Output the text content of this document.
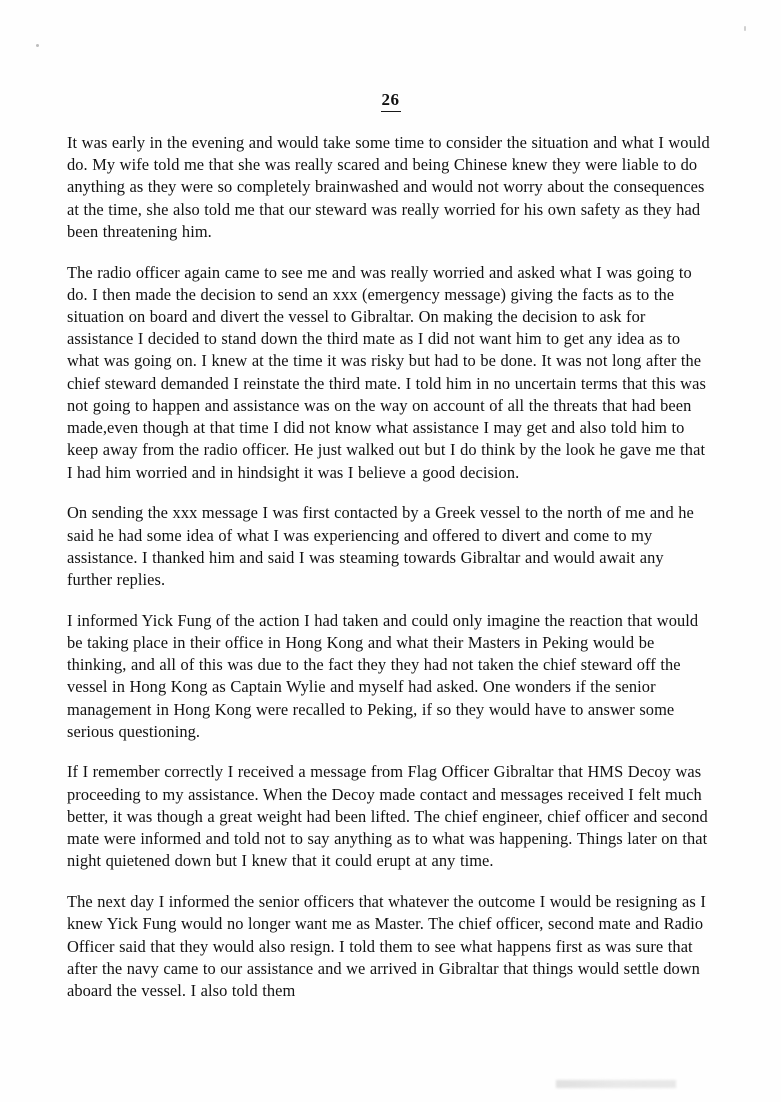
26

It was early in the evening and would take some time to consider the situation and what I would do. My wife told me that she was really scared and being Chinese knew they were liable to do anything as they were so completely brainwashed and would not worry about the consequences at the time, she also told me that our steward was really worried for his own safety as they had been threatening him.

The radio officer again came to see me and was really worried and asked what I was going to do. I then made the decision to send an xxx (emergency message) giving the facts as to the situation on board and divert the vessel to Gibraltar. On making the decision to ask for assistance I decided to stand down the third mate as I did not want him to get any idea as to what was going on. I knew at the time it was risky but had to be done. It was not long after the chief steward demanded I reinstate the third mate. I told him in no uncertain terms that this was not going to happen and assistance was on the way on account of all the threats that had been made,even though at that time I did not know what assistance I may get and also told him to keep away from the radio officer. He just walked out but I do think by the look he gave me that I had him worried and in hindsight it was I believe a good decision.

On sending the xxx message I was first contacted by a Greek vessel to the north of me and he said he had some idea of what I was experiencing and offered to divert and come to my assistance. I thanked him and said I was steaming towards Gibraltar and would await any further replies.

I informed Yick Fung of the action I had taken and could only imagine the reaction that would be taking place in their office in Hong Kong and what their Masters in Peking would be thinking, and all of this was due to the fact they they had not taken the chief steward off the vessel in Hong Kong as Captain Wylie and myself had asked. One wonders if the senior management in Hong Kong were recalled to Peking, if so they would have to answer some serious questioning.

If I remember correctly I received a message from Flag Officer Gibraltar that HMS Decoy was proceeding to my assistance. When the Decoy made contact and messages received I felt much better, it was though a great weight had been lifted. The chief engineer, chief officer and second mate were informed and told not to say anything as to what was happening. Things later on that night quietened down but I knew that it could erupt at any time.

The next day I informed the senior officers that whatever the outcome I would be resigning as I knew Yick Fung would no longer want me as Master. The chief officer, second mate and Radio Officer said that they would also resign. I told them to see what happens first as was sure that after the navy came to our assistance and we arrived in Gibraltar that things would settle down aboard the vessel. I also told them
